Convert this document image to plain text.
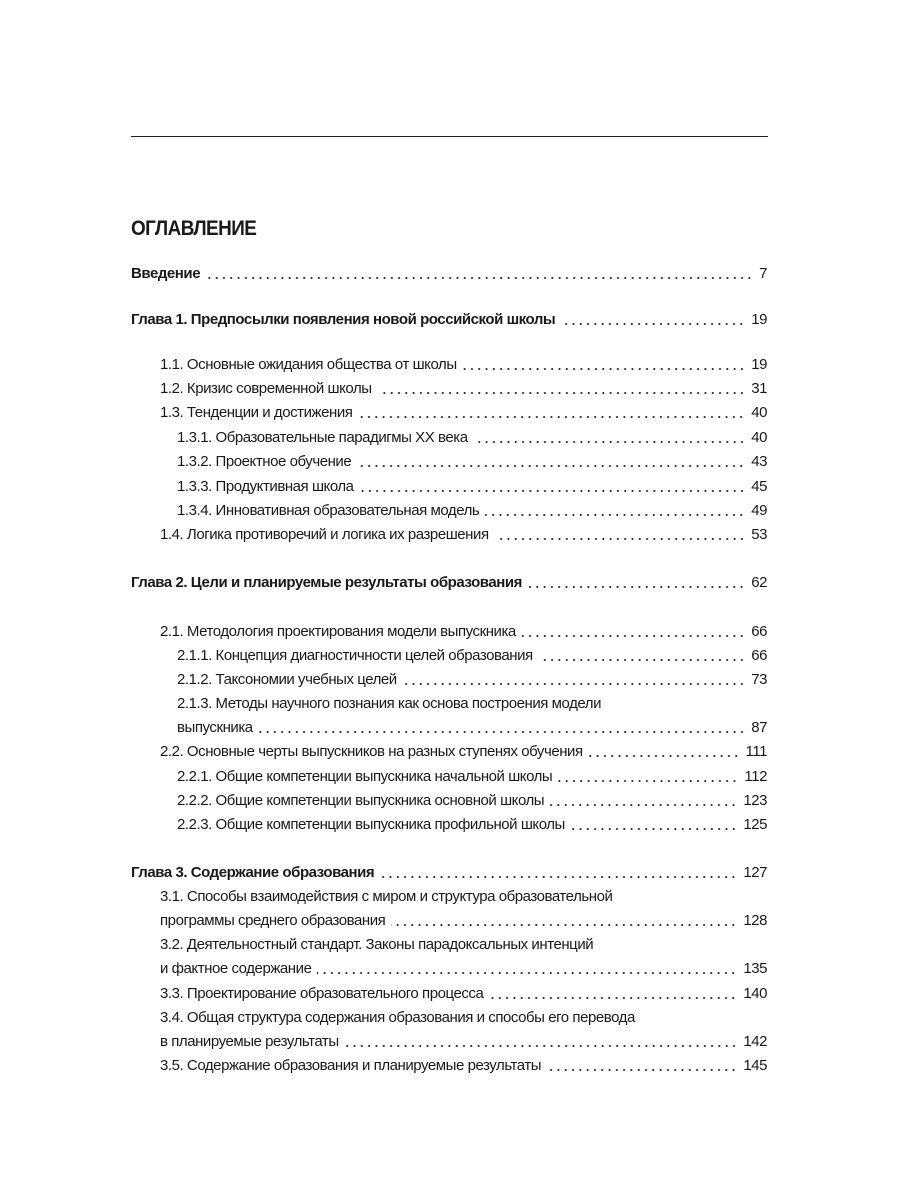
ОГЛАВЛЕНИЕ
Введение	7
Глава 1. Предпосылки появления новой российской школы	19
1.1. Основные ожидания общества от школы	19
1.2. Кризис современной школы	31
1.3. Тенденции и достижения	40
1.3.1. Образовательные парадигмы XX века	40
1.3.2. Проектное обучение	43
1.3.3. Продуктивная школа	45
1.3.4. Инновативная образовательная модель	49
1.4. Логика противоречий и логика их разрешения	53
Глава 2. Цели и планируемые результаты образования	62
2.1. Методология проектирования модели выпускника	66
2.1.1. Концепция диагностичности целей образования	66
2.1.2. Таксономии учебных целей	73
2.1.3. Методы научного познания как основа построения модели
выпускника	87
2.2. Основные черты выпускников на разных ступенях обучения	111
2.2.1. Общие компетенции выпускника начальной школы	112
2.2.2. Общие компетенции выпускника основной школы	123
2.2.3. Общие компетенции выпускника профильной школы	125
Глава 3. Содержание образования	127
3.1. Способы взаимодействия с миром и структура образовательной
программы среднего образования	128
3.2. Деятельностный стандарт. Законы парадоксальных интенций
и фактное содержание	135
3.3. Проектирование образовательного процесса	140
3.4. Общая структура содержания образования и способы его перевода
в планируемые результаты	142
3.5. Содержание образования и планируемые результаты	145
